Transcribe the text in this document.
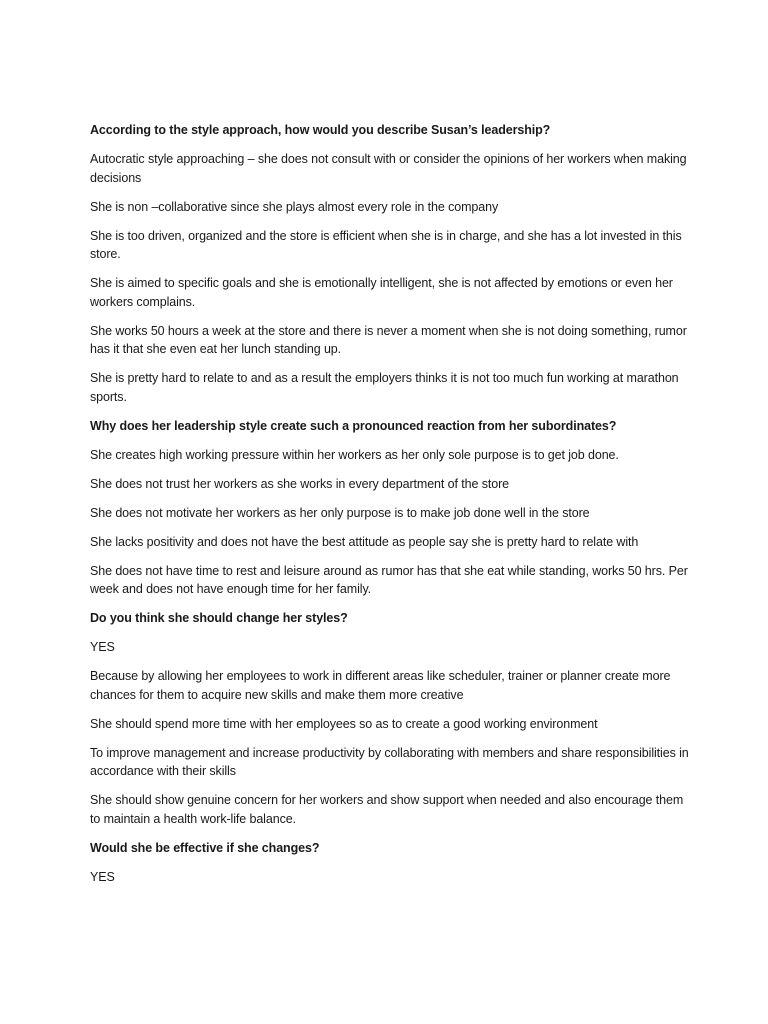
According to the style approach, how would you describe Susan’s leadership?

Autocratic style approaching – she does not consult with or consider the opinions of her workers when making decisions

She is non –collaborative since she plays almost every role in the company

She is too driven, organized and the store is efficient when she is in charge, and she has a lot invested in this store.

She is aimed to specific goals and she is emotionally intelligent, she is not affected by emotions or even her workers complains.

She works 50 hours a week at the store and there is never a moment when she is not doing something, rumor has it that she even eat her lunch standing up.

She is pretty hard to relate to and as a result the employers thinks it is not too much fun working at marathon sports.

Why does her leadership style create such a pronounced reaction from her subordinates?

She creates high working pressure within her workers as her only sole purpose is to get job done.

She does not trust her workers as she works in every department of the store

She does not motivate her workers as her only purpose is to make job done well in the store

She lacks positivity and does not have the best attitude as people say she is pretty hard to relate with

She does not have time to rest and leisure around as rumor has that she eat while standing, works 50 hrs. Per week and does not have enough time for her family.

Do you think she should change her styles?

YES

Because by allowing her employees to work in different areas like scheduler, trainer or planner create more chances for them to acquire new skills and make them more creative

She should spend more time with her employees so as to create a good working environment

To improve management and increase productivity by collaborating with members and share responsibilities in accordance with their skills

She should show genuine concern for her workers and show support when needed and also encourage them to maintain a health work-life balance.

Would she be effective if she changes?

YES
